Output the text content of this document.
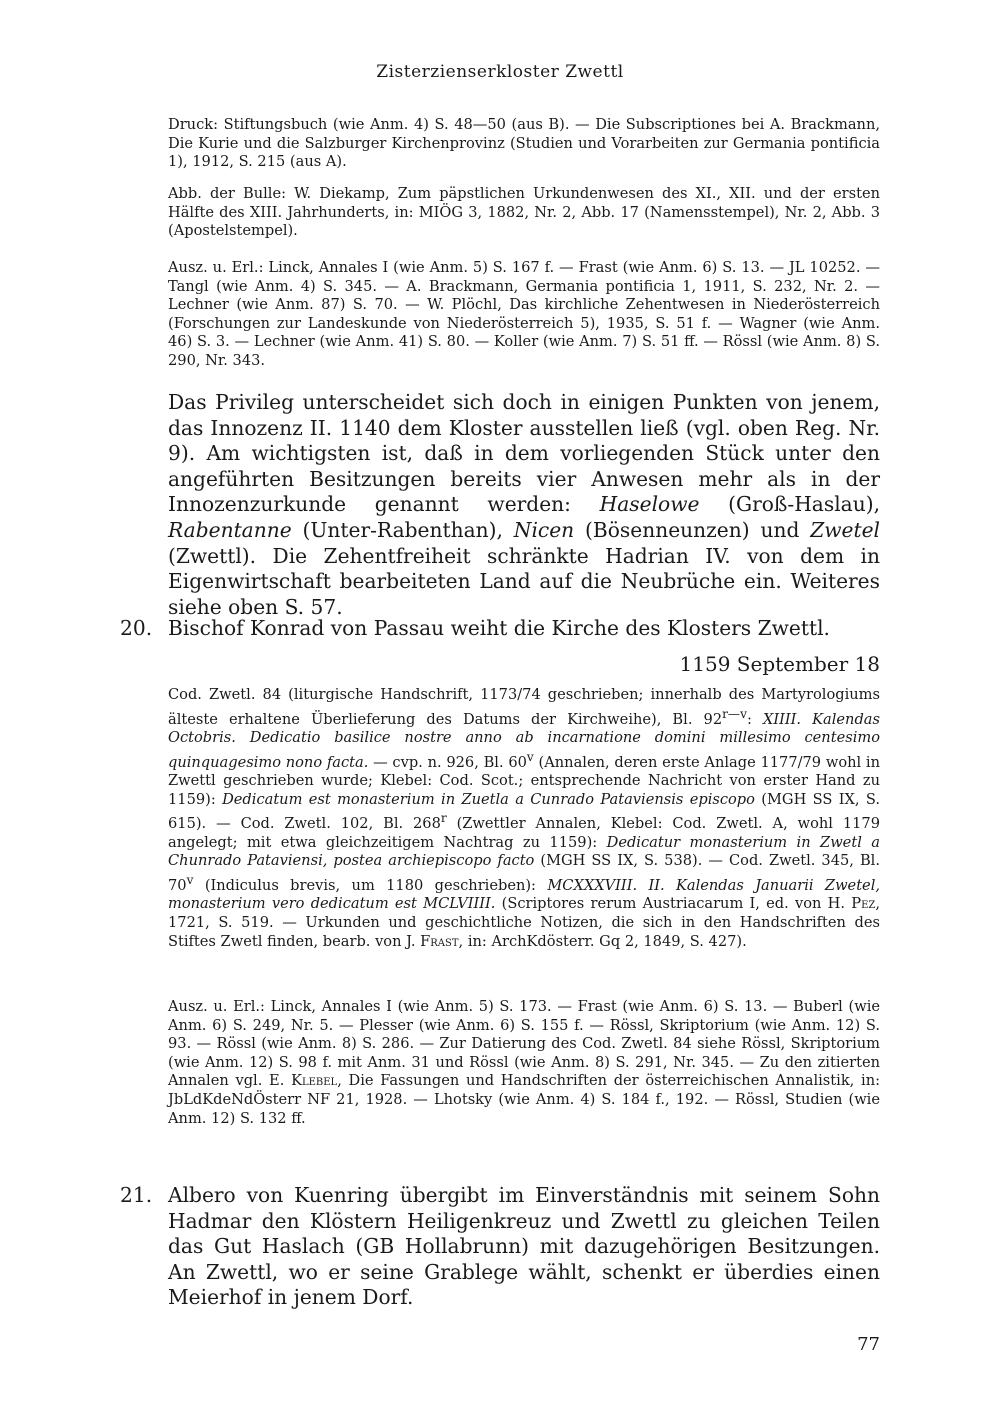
Zisterzienserkloster Zwettl
Druck: Stiftungsbuch (wie Anm. 4) S. 48—50 (aus B). — Die Subscriptiones bei A. Brackmann, Die Kurie und die Salzburger Kirchenprovinz (Studien und Vorarbeiten zur Germania pontificia 1), 1912, S. 215 (aus A).
Abb. der Bulle: W. Diekamp, Zum päpstlichen Urkundenwesen des XI., XII. und der ersten Hälfte des XIII. Jahrhunderts, in: MIÖG 3, 1882, Nr. 2, Abb. 17 (Namensstempel), Nr. 2, Abb. 3 (Apostelstempel).
Ausz. u. Erl.: Linck, Annales I (wie Anm. 5) S. 167 f. — Frast (wie Anm. 6) S. 13. — JL 10252. — Tangl (wie Anm. 4) S. 345. — A. Brackmann, Germania pontificia 1, 1911, S. 232, Nr. 2. — Lechner (wie Anm. 87) S. 70. — W. Plöchl, Das kirchliche Zehentwesen in Niederösterreich (Forschungen zur Landeskunde von Niederösterreich 5), 1935, S. 51 f. — Wagner (wie Anm. 46) S. 3. — Lechner (wie Anm. 41) S. 80. — Koller (wie Anm. 7) S. 51 ff. — Rössl (wie Anm. 8) S. 290, Nr. 343.
Das Privileg unterscheidet sich doch in einigen Punkten von jenem, das Innozenz II. 1140 dem Kloster ausstellen ließ (vgl. oben Reg. Nr. 9). Am wichtigsten ist, daß in dem vorliegenden Stück unter den angeführten Besitzungen bereits vier Anwesen mehr als in der Innozenzurkunde genannt werden: Haselowe (Groß-Haslau), Rabentanne (Unter-Rabenthan), Nicen (Bösenneunzen) und Zwetel (Zwettl). Die Zehentfreiheit schränkte Hadrian IV. von dem in Eigenwirtschaft bearbeiteten Land auf die Neubrüche ein. Weiteres siehe oben S. 57.
20. Bischof Konrad von Passau weiht die Kirche des Klosters Zwettl.
1159 September 18
Cod. Zwetl. 84 (liturgische Handschrift, 1173/74 geschrieben; innerhalb des Martyrologiums älteste erhaltene Überlieferung des Datums der Kirchweihe), Bl. $92^{r—v}$: XIIII. Kalendas Octobris. Dedicatio basilice nostre anno ab incarnatione domini millesimo centesimo quinquagesimo nono facta. — cvp. n. 926, Bl. 60$^v$ (Annalen, deren erste Anlage 1177/79 wohl in Zwettl geschrieben wurde; Klebel: Cod. Scot.; entsprechende Nachricht von erster Hand zu 1159): Dedicatum est monasterium in Zuetla a Cunrado Pataviensis episcopo (MGH SS IX, S. 615). — Cod. Zwetl. 102, Bl. 268$^r$ (Zwettler Annalen, Klebel: Cod. Zwetl. A, wohl 1179 angelegt; mit etwa gleichzeitigem Nachtrag zu 1159): Dedicatur monasterium in Zwetl a Chunrado Pataviensi, postea archiepiscopo facto (MGH SS IX, S. 538). — Cod. Zwetl. 345, Bl. 70$^v$ (Indiculus brevis, um 1180 geschrieben): MCXXXVIII. II. Kalendas Januarii Zwetel, monasterium vero dedicatum est MCLVIIII. (Scriptores rerum Austriacarum I, ed. von H. Pez, 1721, S. 519. — Urkunden und geschichtliche Notizen, die sich in den Handschriften des Stiftes Zwetl finden, bearb. von J. Frast, in: ArchKdösterr. Gq 2, 1849, S. 427).
Ausz. u. Erl.: Linck, Annales I (wie Anm. 5) S. 173. — Frast (wie Anm. 6) S. 13. — Buberl (wie Anm. 6) S. 249, Nr. 5. — Plesser (wie Anm. 6) S. 155 f. — Rössl, Skriptorium (wie Anm. 12) S. 93. — Rössl (wie Anm. 8) S. 286. — Zur Datierung des Cod. Zwetl. 84 siehe Rössl, Skriptorium (wie Anm. 12) S. 98 f. mit Anm. 31 und Rössl (wie Anm. 8) S. 291, Nr. 345. — Zu den zitierten Annalen vgl. E. Klebel, Die Fassungen und Handschriften der österreichischen Annalistik, in: JbLdKdeNdÖsterr NF 21, 1928. — Lhotsky (wie Anm. 4) S. 184 f., 192. — Rössl, Studien (wie Anm. 12) S. 132 ff.
21. Albero von Kuenring übergibt im Einverständnis mit seinem Sohn Hadmar den Klöstern Heiligenkreuz und Zwettl zu gleichen Teilen das Gut Haslach (GB Hollabrunn) mit dazugehörigen Besitzungen. An Zwettl, wo er seine Grablege wählt, schenkt er überdies einen Meierhof in jenem Dorf.
77
